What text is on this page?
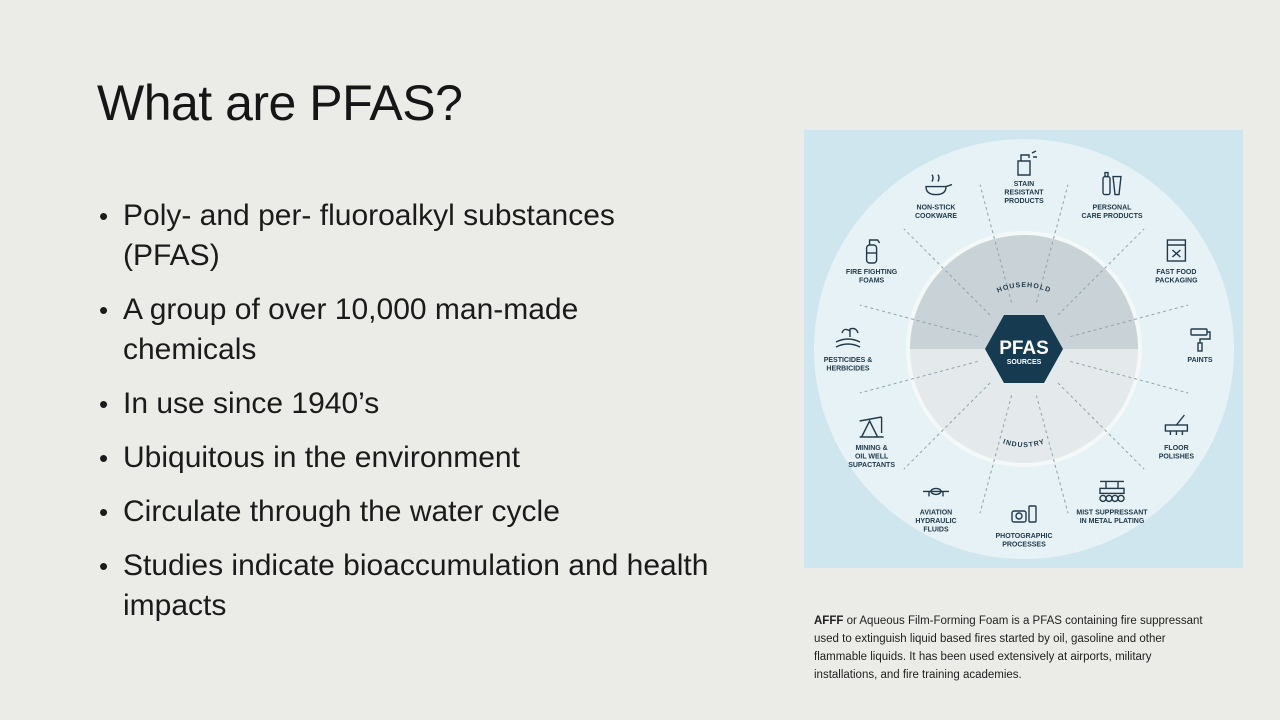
What are PFAS?
• Poly- and per- fluoroalkyl substances (PFAS)
• A group of over 10,000 man-made chemicals
• In use since 1940’s
• Ubiquitous in the environment
• Circulate through the water cycle
• Studies indicate bioaccumulation and health impacts
HOUSEHOLD
INDUSTRY
PFAS
SOURCES
PERSONAL CARE PRODUCTS
FAST FOOD PACKAGING
PAINTS
FLOOR POLISHES
MIST SUPPRESSANT IN METAL PLATING
PHOTOGRAPHIC PROCESSES
AVIATION HYDRAULIC FLUIDS
MINING & OIL WELL SUPACTANTS
PESTICIDES & HERBICIDES
FIRE FIGHTING FOAMS
NON-STICK COOKWARE
STAIN RESISTANT PRODUCTS

AFFF or Aqueous Film-Forming Foam is a PFAS containing fire suppressant used to extinguish liquid based fires started by oil, gasoline and other flammable liquids. It has been used extensively at airports, military installations, and fire training academies.
